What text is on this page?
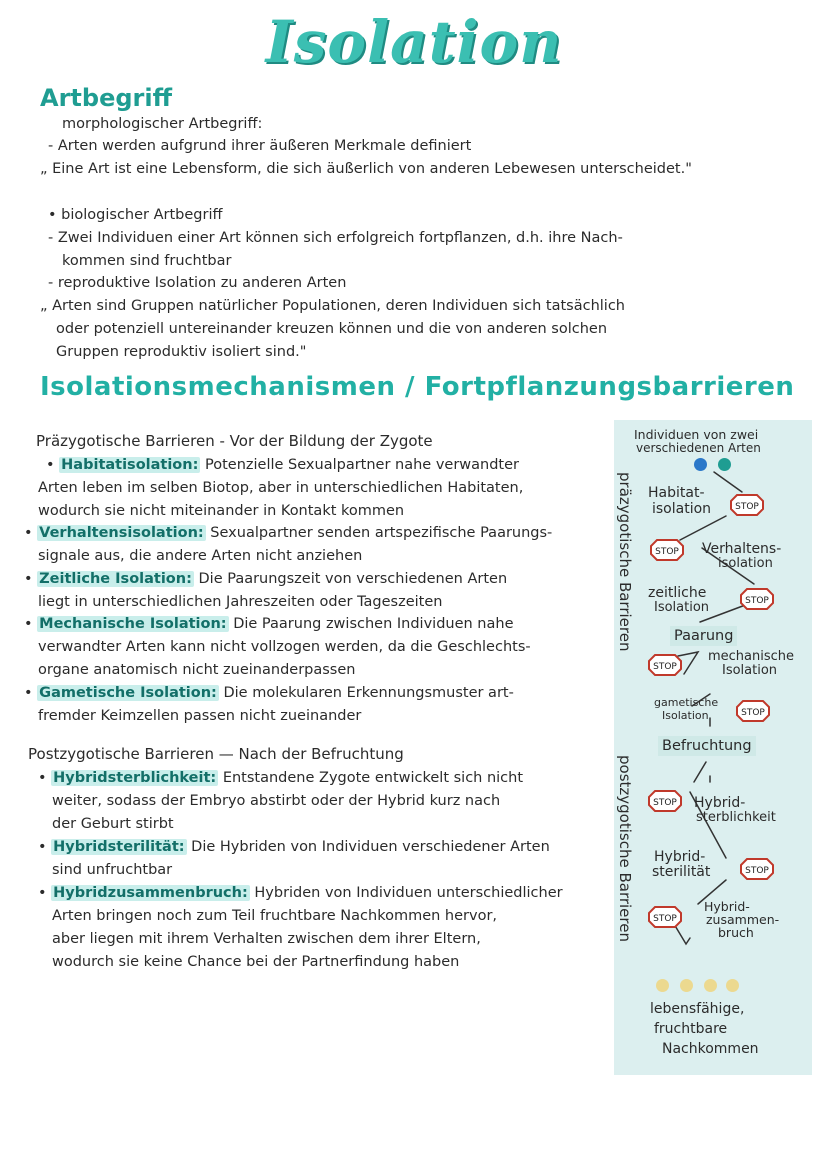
Isolation
Artbegriff
morphologischer Artbegriff:
- Arten werden aufgrund ihrer äußeren Merkmale definiert
„ Eine Art ist eine Lebensform, die sich äußerlich von anderen Lebewesen unterscheidet."
• biologischer Artbegriff
- Zwei Individuen einer Art können sich erfolgreich fortpflanzen, d.h. ihre Nach-
kommen sind fruchtbar
- reproduktive Isolation zu anderen Arten
„ Arten sind Gruppen natürlicher Populationen, deren Individuen sich tatsächlich
oder potenziell untereinander kreuzen können und die von anderen solchen
Gruppen reproduktiv isoliert sind."
Isolationsmechanismen / Fortpflanzungsbarrieren
Präzygotische Barrieren - Vor der Bildung der Zygote
• Habitatisolation: Potenzielle Sexualpartner nahe verwandter
Arten leben im selben Biotop, aber in unterschiedlichen Habitaten,
wodurch sie nicht miteinander in Kontakt kommen
• Verhaltensisolation: Sexualpartner senden artspezifische Paarungs-
signale aus, die andere Arten nicht anziehen
• Zeitliche Isolation: Die Paarungszeit von verschiedenen Arten
liegt in unterschiedlichen Jahreszeiten oder Tageszeiten
• Mechanische Isolation: Die Paarung zwischen Individuen nahe
verwandter Arten kann nicht vollzogen werden, da die Geschlechts-
organe anatomisch nicht zueinanderpassen
• Gametische Isolation: Die molekularen Erkennungsmuster art-
fremder Keimzellen passen nicht zueinander
Postzygotische Barrieren — Nach der Befruchtung
• Hybridsterblichkeit: Entstandene Zygote entwickelt sich nicht
weiter, sodass der Embryo abstirbt oder der Hybrid kurz nach
der Geburt stirbt
• Hybridsterilität: Die Hybriden von Individuen verschiedener Arten
sind unfruchtbar
• Hybridzusammenbruch: Hybriden von Individuen unterschiedlicher
Arten bringen noch zum Teil fruchtbare Nachkommen hervor,
aber liegen mit ihrem Verhalten zwischen dem ihrer Eltern,
wodurch sie keine Chance bei der Partnerfindung haben
Individuen von zwei
verschiedenen Arten
präzygotische Barrieren
postzygotische Barrieren
Habitat-
isolation	STOP
STOP Verhaltens-
isolation
zeitliche
Isolation	STOP
Paarung
STOP
mechanische
Isolation
gametische
Isolation	STOP
Befruchtung
STOP Hybrid-
sterblichkeit
Hybrid-
sterilität	STOP
STOP
Hybrid-
zusammen-
bruch
lebensfähige,
fruchtbare
Nachkommen
